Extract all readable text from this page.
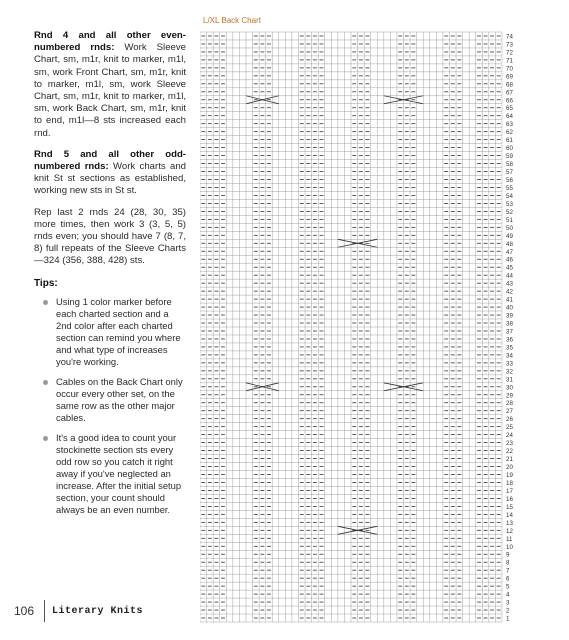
Rnd 4 and all other even-numbered rnds: Work Sleeve Chart, sm, m1r, knit to marker, m1l, sm, work Front Chart, sm, m1r, knit to marker, m1l, sm, work Sleeve Chart, sm, m1r, knit to marker, m1l, sm, work Back Chart, sm, m1r, knit to end, m1l—8 sts increased each rnd.

Rnd 5 and all other odd-numbered rnds: Work charts and knit St st sections as established, working new sts in St st.

Rep last 2 rnds 24 (28, 30, 35) more times, then work 3 (3, 5, 5) rnds even; you should have 7 (8, 7, 8) full repeats of the Sleeve Charts—324 (356, 388, 428) sts.

Tips:
Using 1 color marker before each charted section and a 2nd color after each charted section can remind you where and what type of increases you're working.
Cables on the Back Chart only occur every other set, on the same row as the other major cables.
It's a good idea to count your stockinette section sts every odd row so you catch it right away if you've neglected an increase. After the initial setup section, your count should always be an even number.
L/XL Back Chart
1
2
3
4
5
6
7
8
9
10
11
12
13
14
15
16
17
18
19
20
21
22
23
24
25
26
27
28
29
30
31
32
33
34
35
36
37
38
39
40
41
42
43
44
45
46
47
48
49
50
51
52
53
54
55
56
57
58
59
60
61
62
63
64
65
66
67
68
69
70
71
72
73
74
106 Literary Knits
